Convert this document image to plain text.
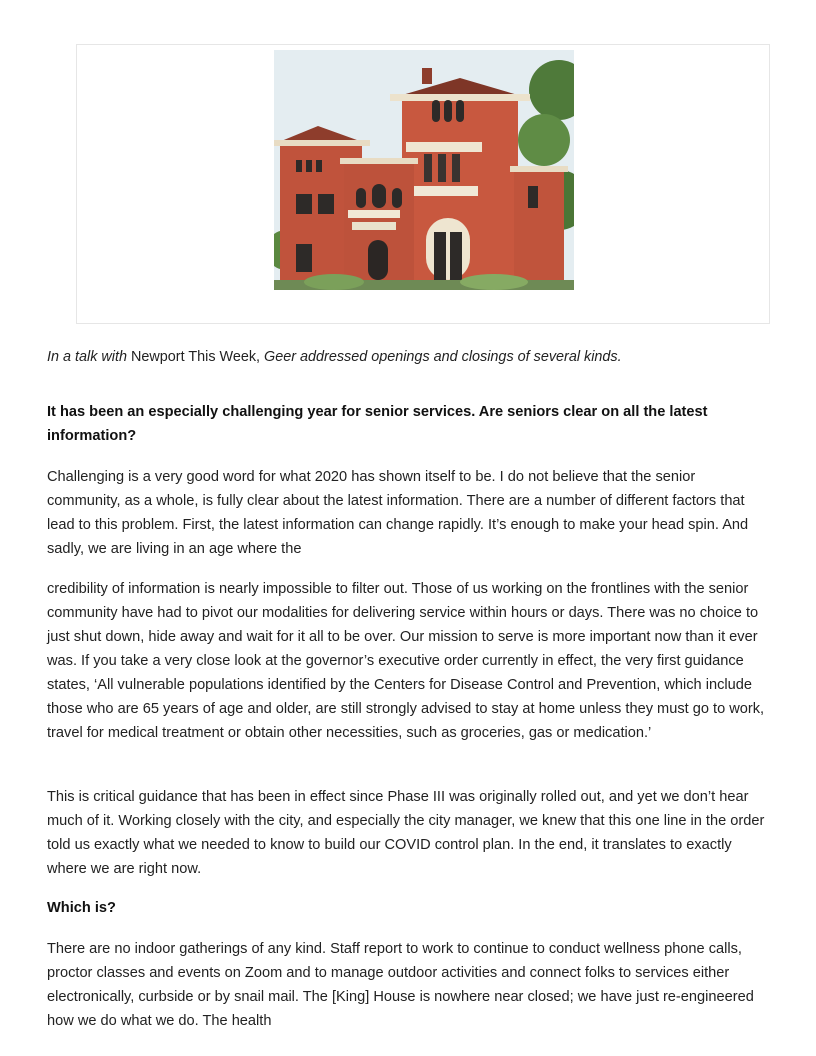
In a talk with Newport This Week, Geer addressed openings and closings of several kinds.

It has been an especially challenging year for senior services. Are seniors clear on all the latest information?

Challenging is a very good word for what 2020 has shown itself to be. I do not believe that the senior community, as a whole, is fully clear about the latest information. There are a number of different factors that lead to this problem. First, the latest information can change rapidly. It’s enough to make your head spin. And sadly, we are living in an age where the

credibility of information is nearly impossible to filter out. Those of us working on the frontlines with the senior community have had to pivot our modalities for delivering service within hours or days. There was no choice to just shut down, hide away and wait for it all to be over. Our mission to serve is more important now than it ever was. If you take a very close look at the governor’s executive order currently in effect, the very first guidance states, ‘All vulnerable populations identified by the Centers for Disease Control and Prevention, which include those who are 65 years of age and older, are still strongly advised to stay at home unless they must go to work, travel for medical treatment or obtain other necessities, such as groceries, gas or medication.’

This is critical guidance that has been in effect since Phase III was originally rolled out, and yet we don’t hear much of it. Working closely with the city, and especially the city manager, we knew that this one line in the order told us exactly what we needed to know to build our COVID control plan. In the end, it translates to exactly where we are right now.

Which is?

There are no indoor gatherings of any kind. Staff report to work to continue to conduct wellness phone calls, proctor classes and events on Zoom and to manage outdoor activities and connect folks to services either electronically, curbside or by snail mail. The [King] House is nowhere near closed; we have just re-engineered how we do what we do. The health
